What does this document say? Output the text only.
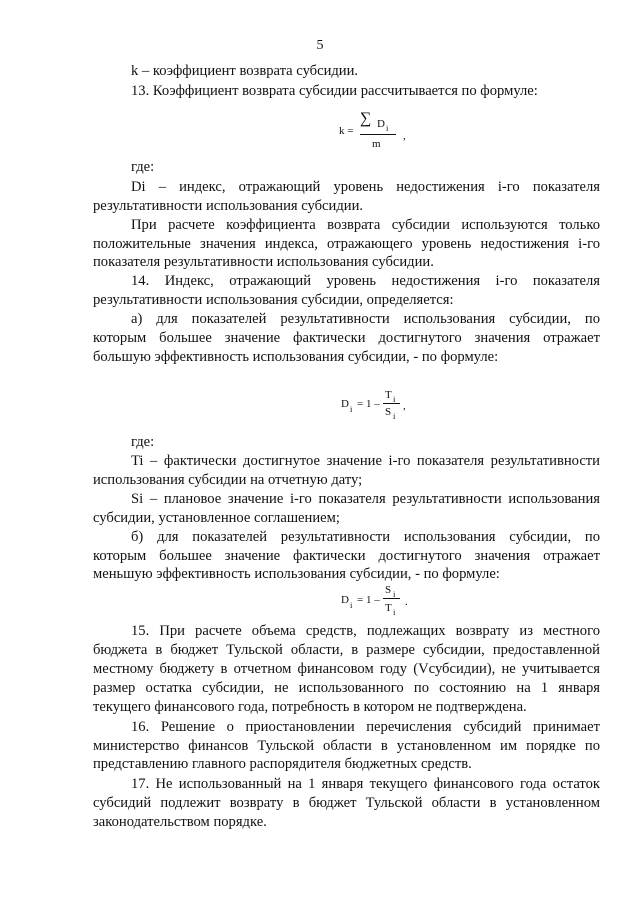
5
k – коэффициент возврата субсидии.
13. Коэффициент возврата субсидии рассчитывается по формуле:
k =
∑ D i
m
,
где:
Di – индекс, отражающий уровень недостижения i-го показателя
результативности использования субсидии.
При расчете коэффициента возврата субсидии используются только
положительные значения индекса, отражающего уровень недостижения i-го
показателя результативности использования субсидии.
14. Индекс, отражающий уровень недостижения i-го показателя
результативности использования субсидии, определяется:
а) для показателей результативности использования субсидии, по
которым большее значение фактически достигнутого значения отражает
большую эффективность использования субсидии, - по формуле:
D i = 1 –
T i
S i
,
где:
Ti – фактически достигнутое значение i-го показателя результативности
использования субсидии на отчетную дату;
Si – плановое значение i-го показателя результативности использования
субсидии, установленное соглашением;
б) для показателей результативности использования субсидии, по
которым большее значение фактически достигнутого значения отражает
меньшую эффективность использования субсидии, - по формуле:
D i = 1 –
S i
T i
.
15. При расчете объема средств, подлежащих возврату из местного
бюджета в бюджет Тульской области, в размере субсидии, предоставленной
местному бюджету в отчетном финансовом году (Vсубсидии), не учитывается
размер остатка субсидии, не использованного по состоянию на 1 января
текущего финансового года, потребность в котором не подтверждена.
16. Решение о приостановлении перечисления субсидий принимает
министерство финансов Тульской области в установленном им порядке по
представлению главного распорядителя бюджетных средств.
17. Не использованный на 1 января текущего финансового года остаток
субсидий подлежит возврату в бюджет Тульской области в установленном
законодательством порядке.
